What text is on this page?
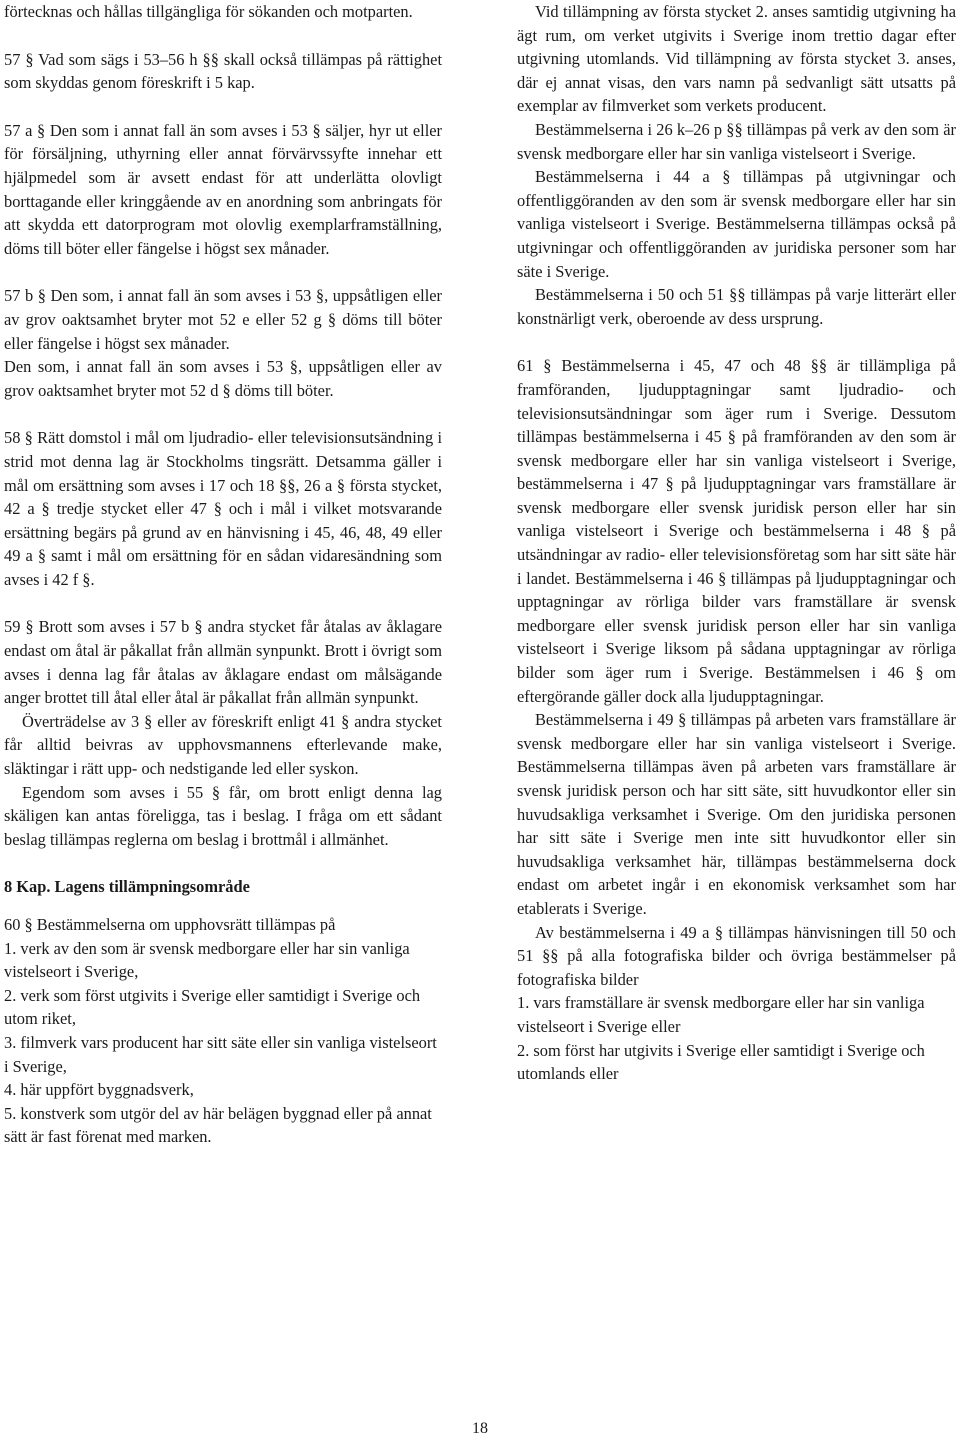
förtecknas och hållas tillgängliga för sökanden och motparten.

57 § Vad som sägs i 53–56 h §§ skall också tillämpas på rättighet som skyddas genom föreskrift i 5 kap.

57 a § Den som i annat fall än som avses i 53 § säljer, hyr ut eller för försäljning, uthyrning eller annat förvärvssyfte innehar ett hjälpmedel som är avsett endast för att underlätta olovligt borttagande eller kringgående av en anordning som anbringats för att skydda ett datorprogram mot olovlig exemplarframställning, döms till böter eller fängelse i högst sex månader.

57 b § Den som, i annat fall än som avses i 53 §, uppsåtligen eller av grov oaktsamhet bryter mot 52 e eller 52 g § döms till böter eller fängelse i högst sex månader.

Den som, i annat fall än som avses i 53 §, uppsåtligen eller av grov oaktsamhet bryter mot 52 d § döms till böter.

58 § Rätt domstol i mål om ljudradio- eller televisionsutsändning i strid mot denna lag är Stockholms tingsrätt. Detsamma gäller i mål om ersättning som avses i 17 och 18 §§, 26 a § första stycket, 42 a § tredje stycket eller 47 § och i mål i vilket motsvarande ersättning begärs på grund av en hänvisning i 45, 46, 48, 49 eller 49 a § samt i mål om ersättning för en sådan vidaresändning som avses i 42 f §.

59 § Brott som avses i 57 b § andra stycket får åtalas av åklagare endast om åtal är påkallat från allmän synpunkt. Brott i övrigt som avses i denna lag får åtalas av åklagare endast om målsägande anger brottet till åtal eller åtal är påkallat från allmän synpunkt.

Överträdelse av 3 § eller av föreskrift enligt 41 § andra stycket får alltid beivras av upphovsmannens efterlevande make, släktingar i rätt upp- och nedstigande led eller syskon.

Egendom som avses i 55 § får, om brott enligt denna lag skäligen kan antas föreligga, tas i beslag. I fråga om ett sådant beslag tillämpas reglerna om beslag i brottmål i allmänhet.

8 Kap. Lagens tillämpningsområde

60 § Bestämmelserna om upphovsrätt tillämpas på

1. verk av den som är svensk medborgare eller har sin vanliga vistelseort i Sverige,

2. verk som först utgivits i Sverige eller samtidigt i Sverige och utom riket,

3. filmverk vars producent har sitt säte eller sin vanliga vistelseort i Sverige,

4. här uppfört byggnadsverk,

5. konstverk som utgör del av här belägen byggnad eller på annat sätt är fast förenat med marken.

Vid tillämpning av första stycket 2. anses samtidig utgivning ha ägt rum, om verket utgivits i Sverige inom trettio dagar efter utgivning utomlands. Vid tillämpning av första stycket 3. anses, där ej annat visas, den vars namn på sedvanligt sätt utsatts på exemplar av filmverket som verkets producent.

Bestämmelserna i 26 k–26 p §§ tillämpas på verk av den som är svensk medborgare eller har sin vanliga vistelseort i Sverige.

Bestämmelserna i 44 a § tillämpas på utgivningar och offentliggöranden av den som är svensk medborgare eller har sin vanliga vistelseort i Sverige. Bestämmelserna tillämpas också på utgivningar och offentliggöranden av juridiska personer som har säte i Sverige.

Bestämmelserna i 50 och 51 §§ tillämpas på varje litterärt eller konstnärligt verk, oberoende av dess ursprung.

61 § Bestämmelserna i 45, 47 och 48 §§ är tillämpliga på framföranden, ljudupptagningar samt ljudradio- och televisionsutsändningar som äger rum i Sverige. Dessutom tillämpas bestämmelserna i 45 § på framföranden av den som är svensk medborgare eller har sin vanliga vistelseort i Sverige, bestämmelserna i 47 § på ljudupptagningar vars framställare är svensk medborgare eller svensk juridisk person eller har sin vanliga vistelseort i Sverige och bestämmelserna i 48 § på utsändningar av radio- eller televisionsföretag som har sitt säte här i landet. Bestämmelserna i 46 § tillämpas på ljudupptagningar och upptagningar av rörliga bilder vars framställare är svensk medborgare eller svensk juridisk person eller har sin vanliga vistelseort i Sverige liksom på sådana upptagningar av rörliga bilder som äger rum i Sverige. Bestämmelsen i 46 § om eftergörande gäller dock alla ljudupptagningar.

Bestämmelserna i 49 § tillämpas på arbeten vars framställare är svensk medborgare eller har sin vanliga vistelseort i Sverige. Bestämmelserna tillämpas även på arbeten vars framställare är svensk juridisk person och har sitt säte, sitt huvudkontor eller sin huvudsakliga verksamhet i Sverige. Om den juridiska personen har sitt säte i Sverige men inte sitt huvudkontor eller sin huvudsakliga verksamhet här, tillämpas bestämmelserna dock endast om arbetet ingår i en ekonomisk verksamhet som har etablerats i Sverige.

Av bestämmelserna i 49 a § tillämpas hänvisningen till 50 och 51 §§ på alla fotografiska bilder och övriga bestämmelser på fotografiska bilder

1. vars framställare är svensk medborgare eller har sin vanliga vistelseort i Sverige eller

2. som först har utgivits i Sverige eller samtidigt i Sverige och utomlands eller

18
